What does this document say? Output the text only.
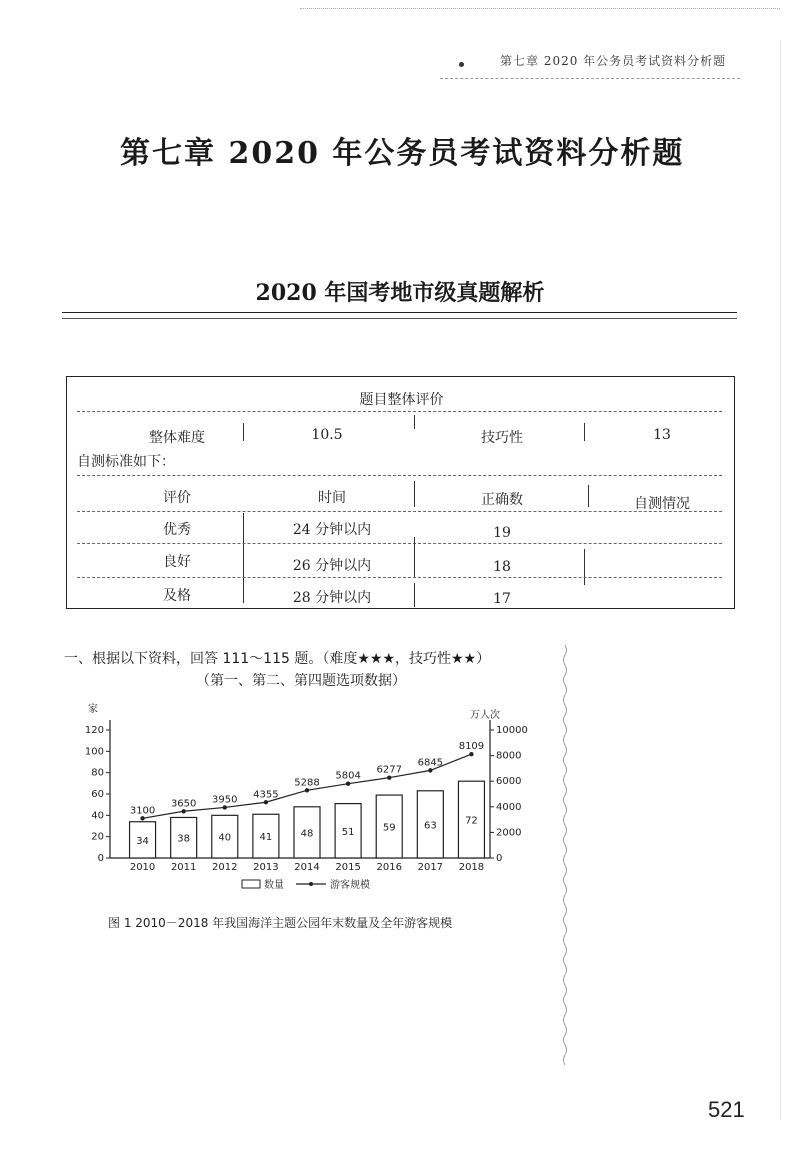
第七章 2020 年公务员考试资料分析题
第七章 2020 年公务员考试资料分析题
2020 年国考地市级真题解析
题目整体评价
整体难度	10.5	技巧性	13
自测标准如下：
评价	时间	正确数	自测情况
优秀	24 分钟以内	19
良好	26 分钟以内	18
及格	28 分钟以内	17
一、根据以下资料，回答 111～115 题。（难度★★★，技巧性★★）
（第一、第二、第四题选项数据）
家
0
20
40
60
80
100
120
万人次
0
2000
4000
6000
8000
10000
34
2010
38
2011
40
2012
41
2013
48
2014
51
2015
59
2016
63
2017
72
2018
3100
3650 3950 4355
5288
5804
6277
6845
8109
数量	游客规模
图 1 2010－2018 年我国海洋主题公园年末数量及全年游客规模
521
